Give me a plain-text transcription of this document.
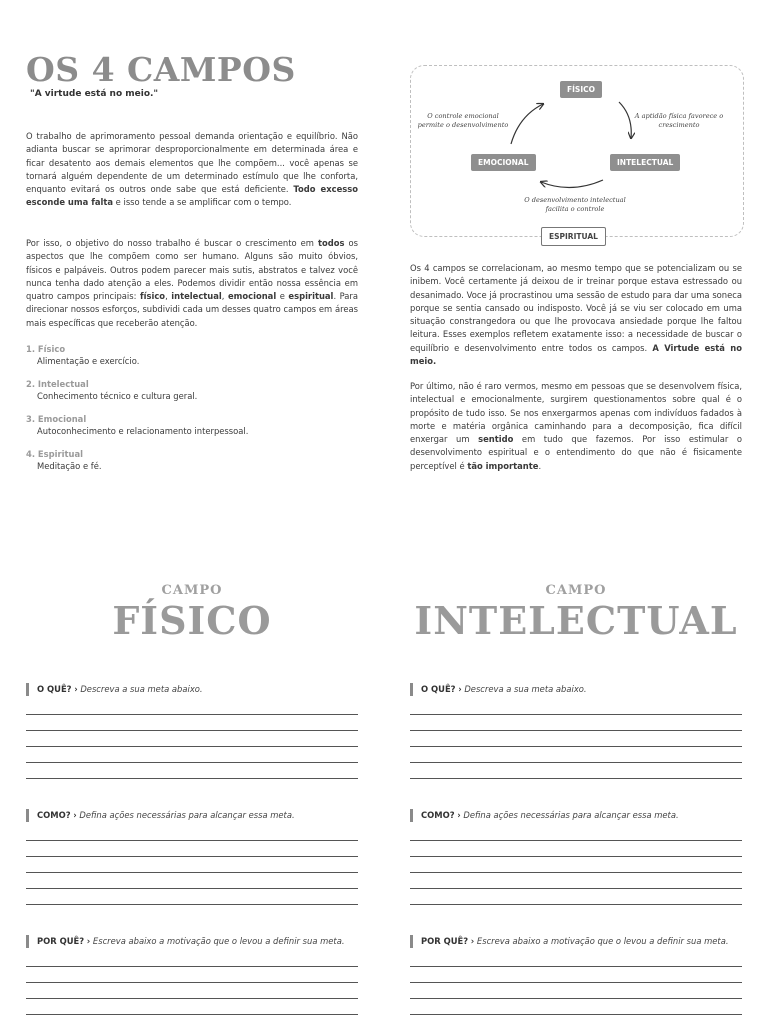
OS 4 CAMPOS
"A virtude está no meio."
O trabalho de aprimoramento pessoal demanda orientação e equilíbrio. Não adianta buscar se aprimorar desproporcionalmente em determinada área e ficar desatento aos demais elementos que lhe compõem... você apenas se tornará alguém dependente de um determinado estímulo que lhe conforta, enquanto evitará os outros onde sabe que está deficiente. Todo excesso esconde uma falta e isso tende a se amplificar com o tempo.
Por isso, o objetivo do nosso trabalho é buscar o crescimento em todos os aspectos que lhe compõem como ser humano. Alguns são muito óbvios, físicos e palpáveis. Outros podem parecer mais sutis, abstratos e talvez você nunca tenha dado atenção a eles. Podemos dividir então nossa essência em quatro campos principais: físico, intelectual, emocional e espiritual. Para direcionar nossos esforços, subdividi cada um desses quatro campos em áreas mais específicas que receberão atenção.
1. Físico
Alimentação e exercício.
2. Intelectual
Conhecimento técnico e cultura geral.
3. Emocional
Autoconhecimento e relacionamento interpessoal.
4. Espiritual
Meditação e fé.
FÍSICO
EMOCIONAL	INTELECTUAL
ESPIRITUAL
O controle emocional permite o desenvolvimento
A aptidão física favorece o crescimento
O desenvolvimento intelectual facilita o controle
Os 4 campos se correlacionam, ao mesmo tempo que se potencializam ou se inibem. Você certamente já deixou de ir treinar porque estava estressado ou desanimado. Voce já procrastinou uma sessão de estudo para dar uma soneca porque se sentia cansado ou indisposto. Você já se viu ser colocado em uma situação constrangedora ou que lhe provocava ansiedade porque lhe faltou leitura. Esses exemplos refletem exatamente isso: a necessidade de buscar o equilíbrio e desenvolvimento entre todos os campos. A Virtude está no meio.
Por último, não é raro vermos, mesmo em pessoas que se desenvolvem física, intelectual e emocionalmente, surgirem questionamentos sobre qual é o propósito de tudo isso. Se nos enxergarmos apenas com indivíduos fadados à morte e matéria orgânica caminhando para a decomposição, fica difícil enxergar um sentido em tudo que fazemos. Por isso estimular o desenvolvimento espiritual e o entendimento do que não é fisicamente perceptível é tão importante.
CAMPO
FÍSICO
O QUÊ? › Descreva a sua meta abaixo.
COMO? › Defina ações necessárias para alcançar essa meta.
POR QUÊ? › Escreva abaixo a motivação que o levou a definir sua meta.
CAMPO
INTELECTUAL
O QUÊ? › Descreva a sua meta abaixo.
COMO? › Defina ações necessárias para alcançar essa meta.
POR QUÊ? › Escreva abaixo a motivação que o levou a definir sua meta.
